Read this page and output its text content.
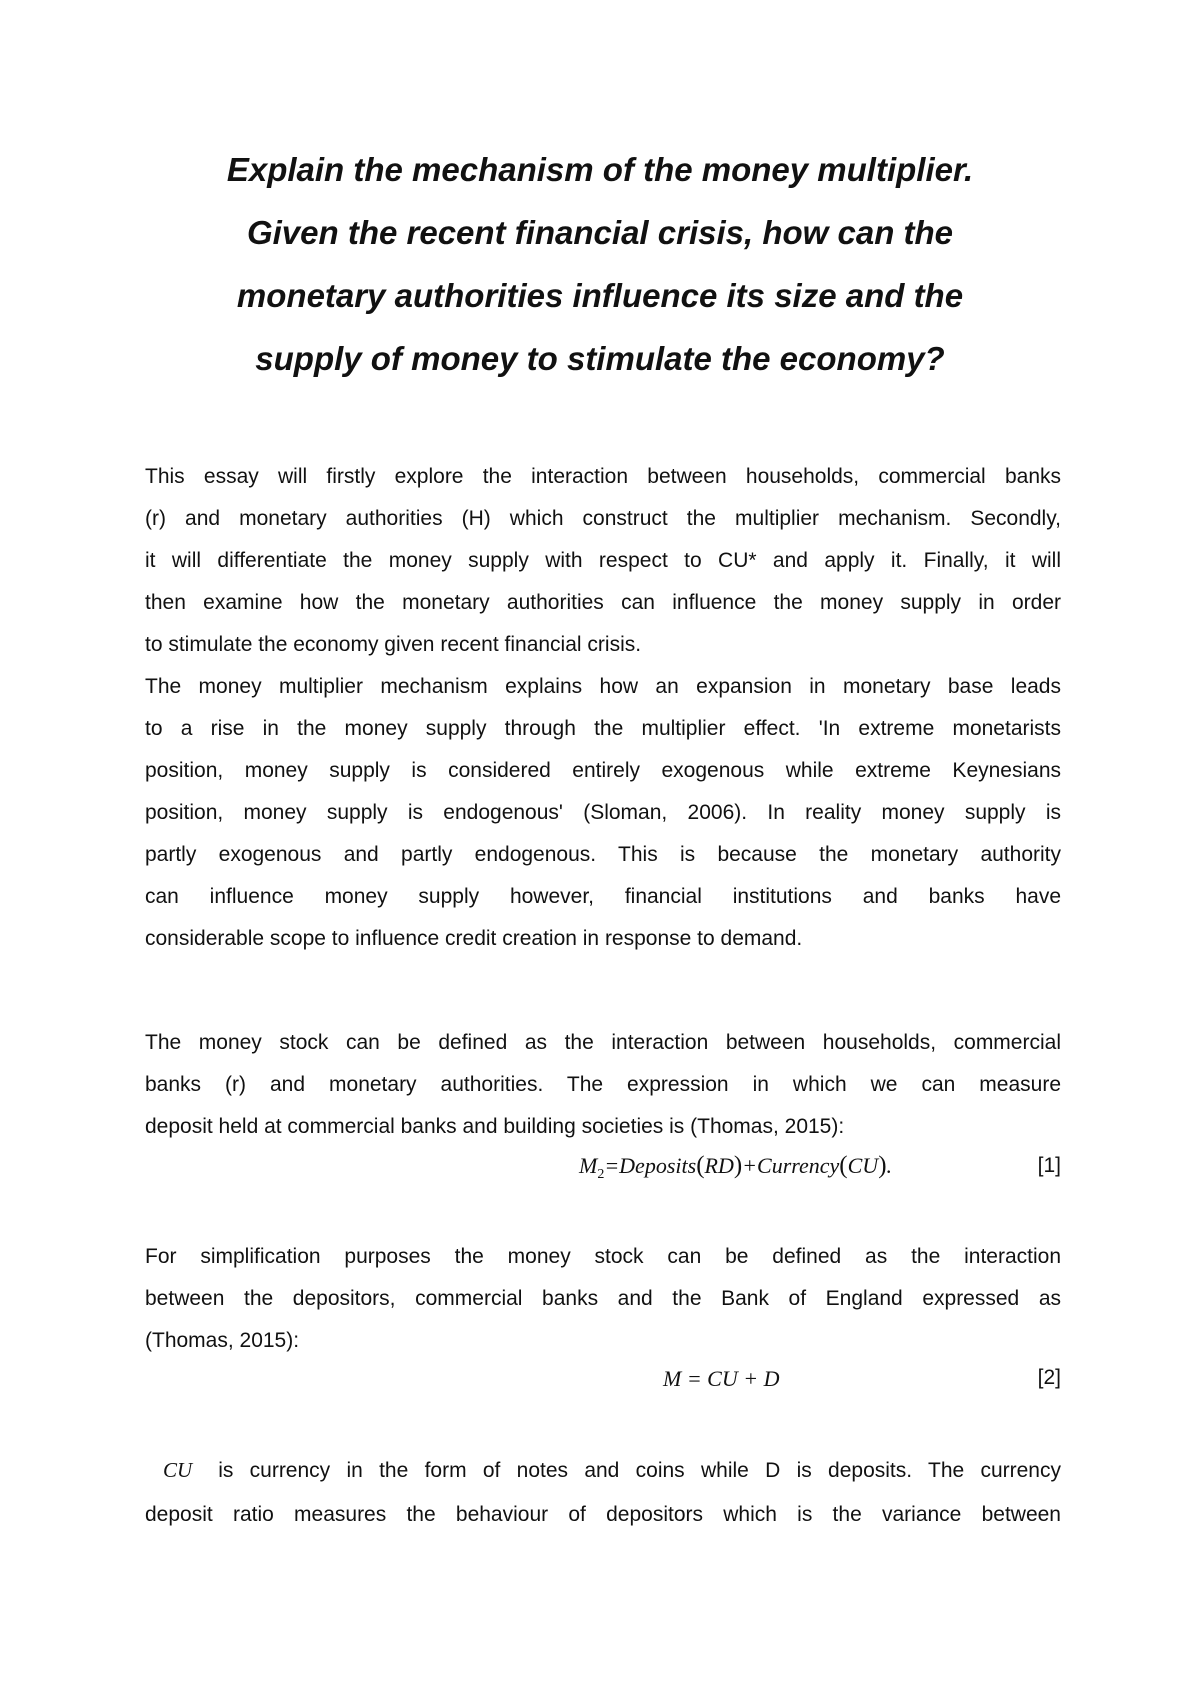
Explain the mechanism of the money multiplier.
Given the recent financial crisis, how can the
monetary authorities influence its size and the
supply of money to stimulate the economy?

This essay will firstly explore the interaction between households, commercial banks
(r) and monetary authorities (H) which construct the multiplier mechanism. Secondly,
it will differentiate the money supply with respect to CU* and apply it. Finally, it will
then examine how the monetary authorities can influence the money supply in order
to stimulate the economy given recent financial crisis.

The money multiplier mechanism explains how an expansion in monetary base leads
to a rise in the money supply through the multiplier effect. 'In extreme monetarists
position, money supply is considered entirely exogenous while extreme Keynesians
position, money supply is endogenous' (Sloman, 2006). In reality money supply is
partly exogenous and partly endogenous. This is because the monetary authority
can influence money supply however, financial institutions and banks have
considerable scope to influence credit creation in response to demand.

The money stock can be defined as the interaction between households, commercial
banks (r) and monetary authorities. The expression in which we can measure
deposit held at commercial banks and building societies is (Thomas, 2015):

$M_2=Deposits(RD)+Currency(CU)$.	[1]

For simplification purposes the money stock can be defined as the interaction
between the depositors, commercial banks and the Bank of England expressed as
(Thomas, 2015):

M = CU + D	[2]

CU is currency in the form of notes and coins while D is deposits. The currency
deposit ratio measures the behaviour of depositors which is the variance between
